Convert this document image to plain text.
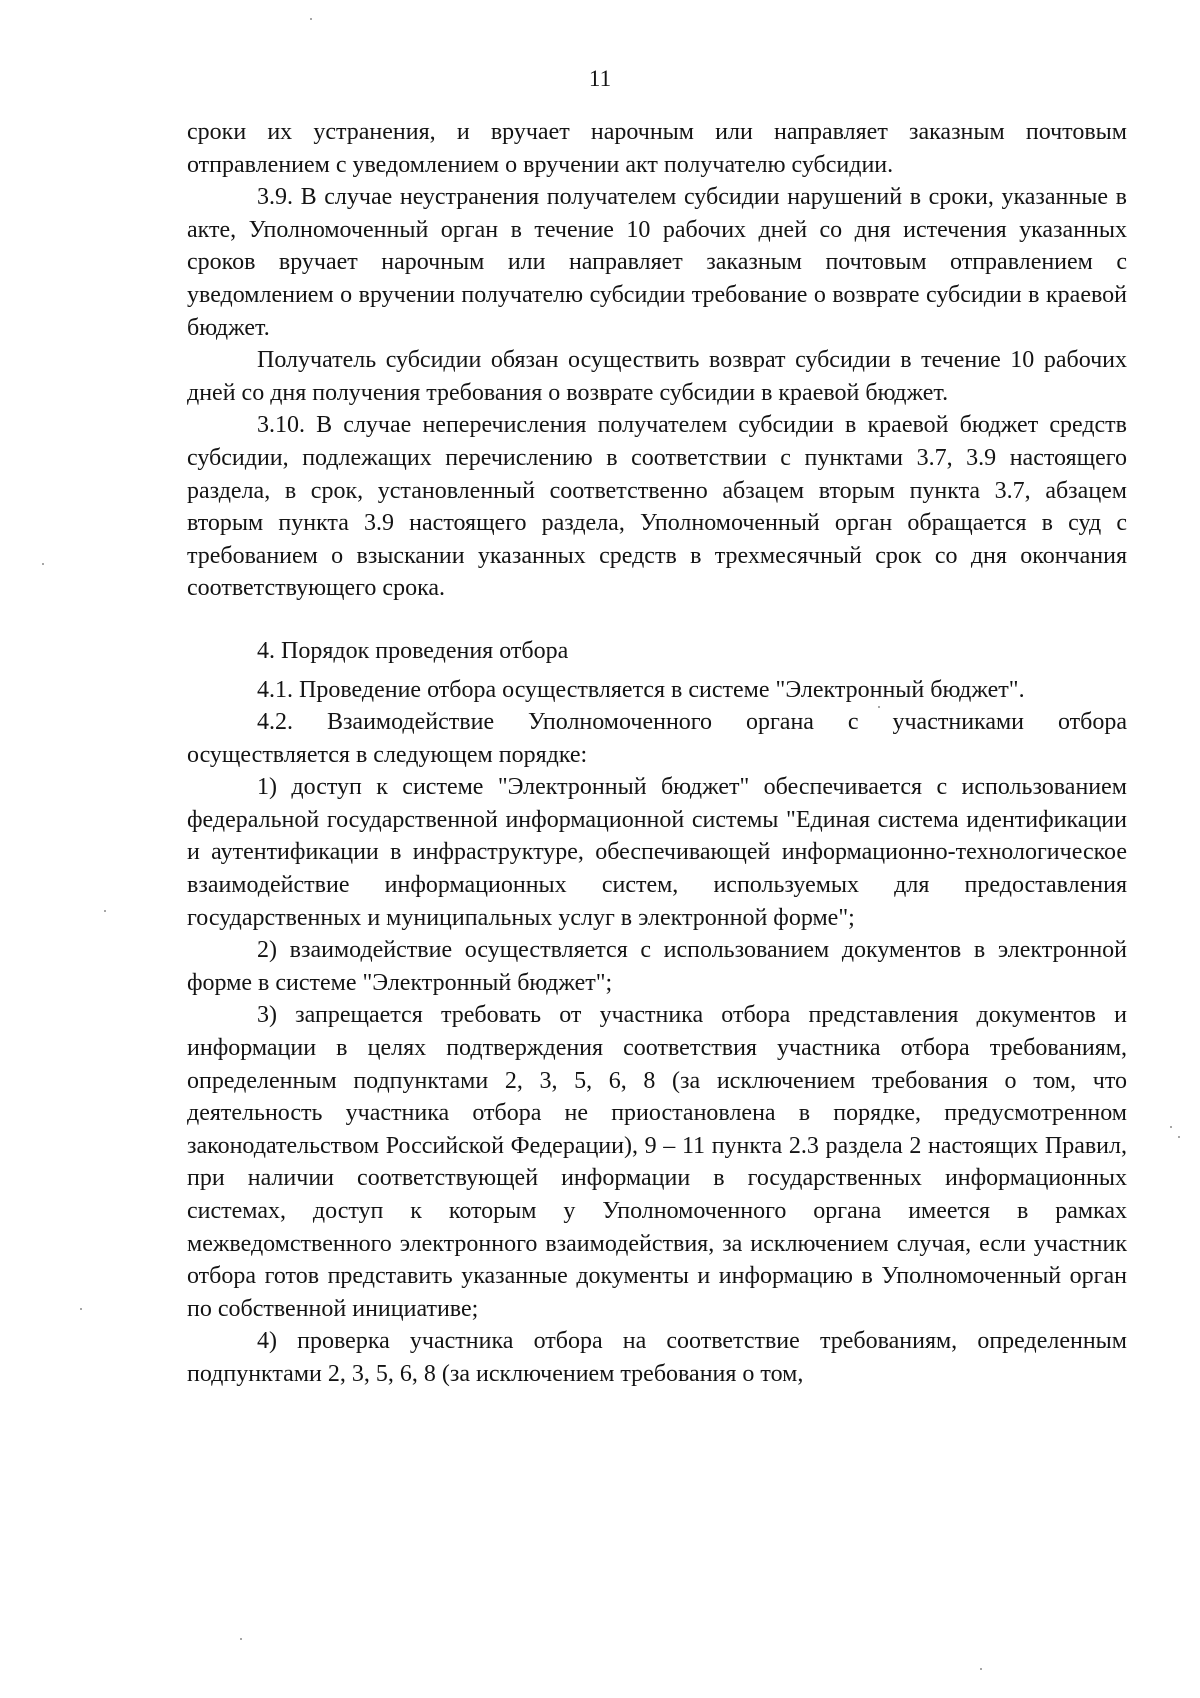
11

сроки их устранения, и вручает нарочным или направляет заказным почтовым отправлением с уведомлением о вручении акт получателю субсидии.

3.9. В случае неустранения получателем субсидии нарушений в сроки, указанные в акте, Уполномоченный орган в течение 10 рабочих дней со дня истечения указанных сроков вручает нарочным или направляет заказным почтовым отправлением с уведомлением о вручении получателю субсидии требование о возврате субсидии в краевой бюджет.

Получатель субсидии обязан осуществить возврат субсидии в течение 10 рабочих дней со дня получения требования о возврате субсидии в краевой бюджет.

3.10. В случае неперечисления получателем субсидии в краевой бюджет средств субсидии, подлежащих перечислению в соответствии с пунктами 3.7, 3.9 настоящего раздела, в срок, установленный соответственно абзацем вторым пункта 3.7, абзацем вторым пункта 3.9 настоящего раздела, Уполномоченный орган обращается в суд с требованием о взыскании указанных средств в трехмесячный срок со дня окончания соответствующего срока.

4. Порядок проведения отбора

4.1. Проведение отбора осуществляется в системе "Электронный бюджет".

4.2. Взаимодействие Уполномоченного органа с участниками отбора осуществляется в следующем порядке:

1) доступ к системе "Электронный бюджет" обеспечивается с использованием федеральной государственной информационной системы "Единая система идентификации и аутентификации в инфраструктуре, обеспечивающей информационно-технологическое взаимодействие информационных систем, используемых для предоставления государственных и муниципальных услуг в электронной форме";

2) взаимодействие осуществляется с использованием документов в электронной форме в системе "Электронный бюджет";

3) запрещается требовать от участника отбора представления документов и информации в целях подтверждения соответствия участника отбора требованиям, определенным подпунктами 2, 3, 5, 6, 8 (за исключением требования о том, что деятельность участника отбора не приостановлена в порядке, предусмотренном законодательством Российской Федерации), 9 – 11 пункта 2.3 раздела 2 настоящих Правил, при наличии соответствующей информации в государственных информационных системах, доступ к которым у Уполномоченного органа имеется в рамках межведомственного электронного взаимодействия, за исключением случая, если участник отбора готов представить указанные документы и информацию в Уполномоченный орган по собственной инициативе;

4) проверка участника отбора на соответствие требованиям, определенным подпунктами 2, 3, 5, 6, 8 (за исключением требования о том,
